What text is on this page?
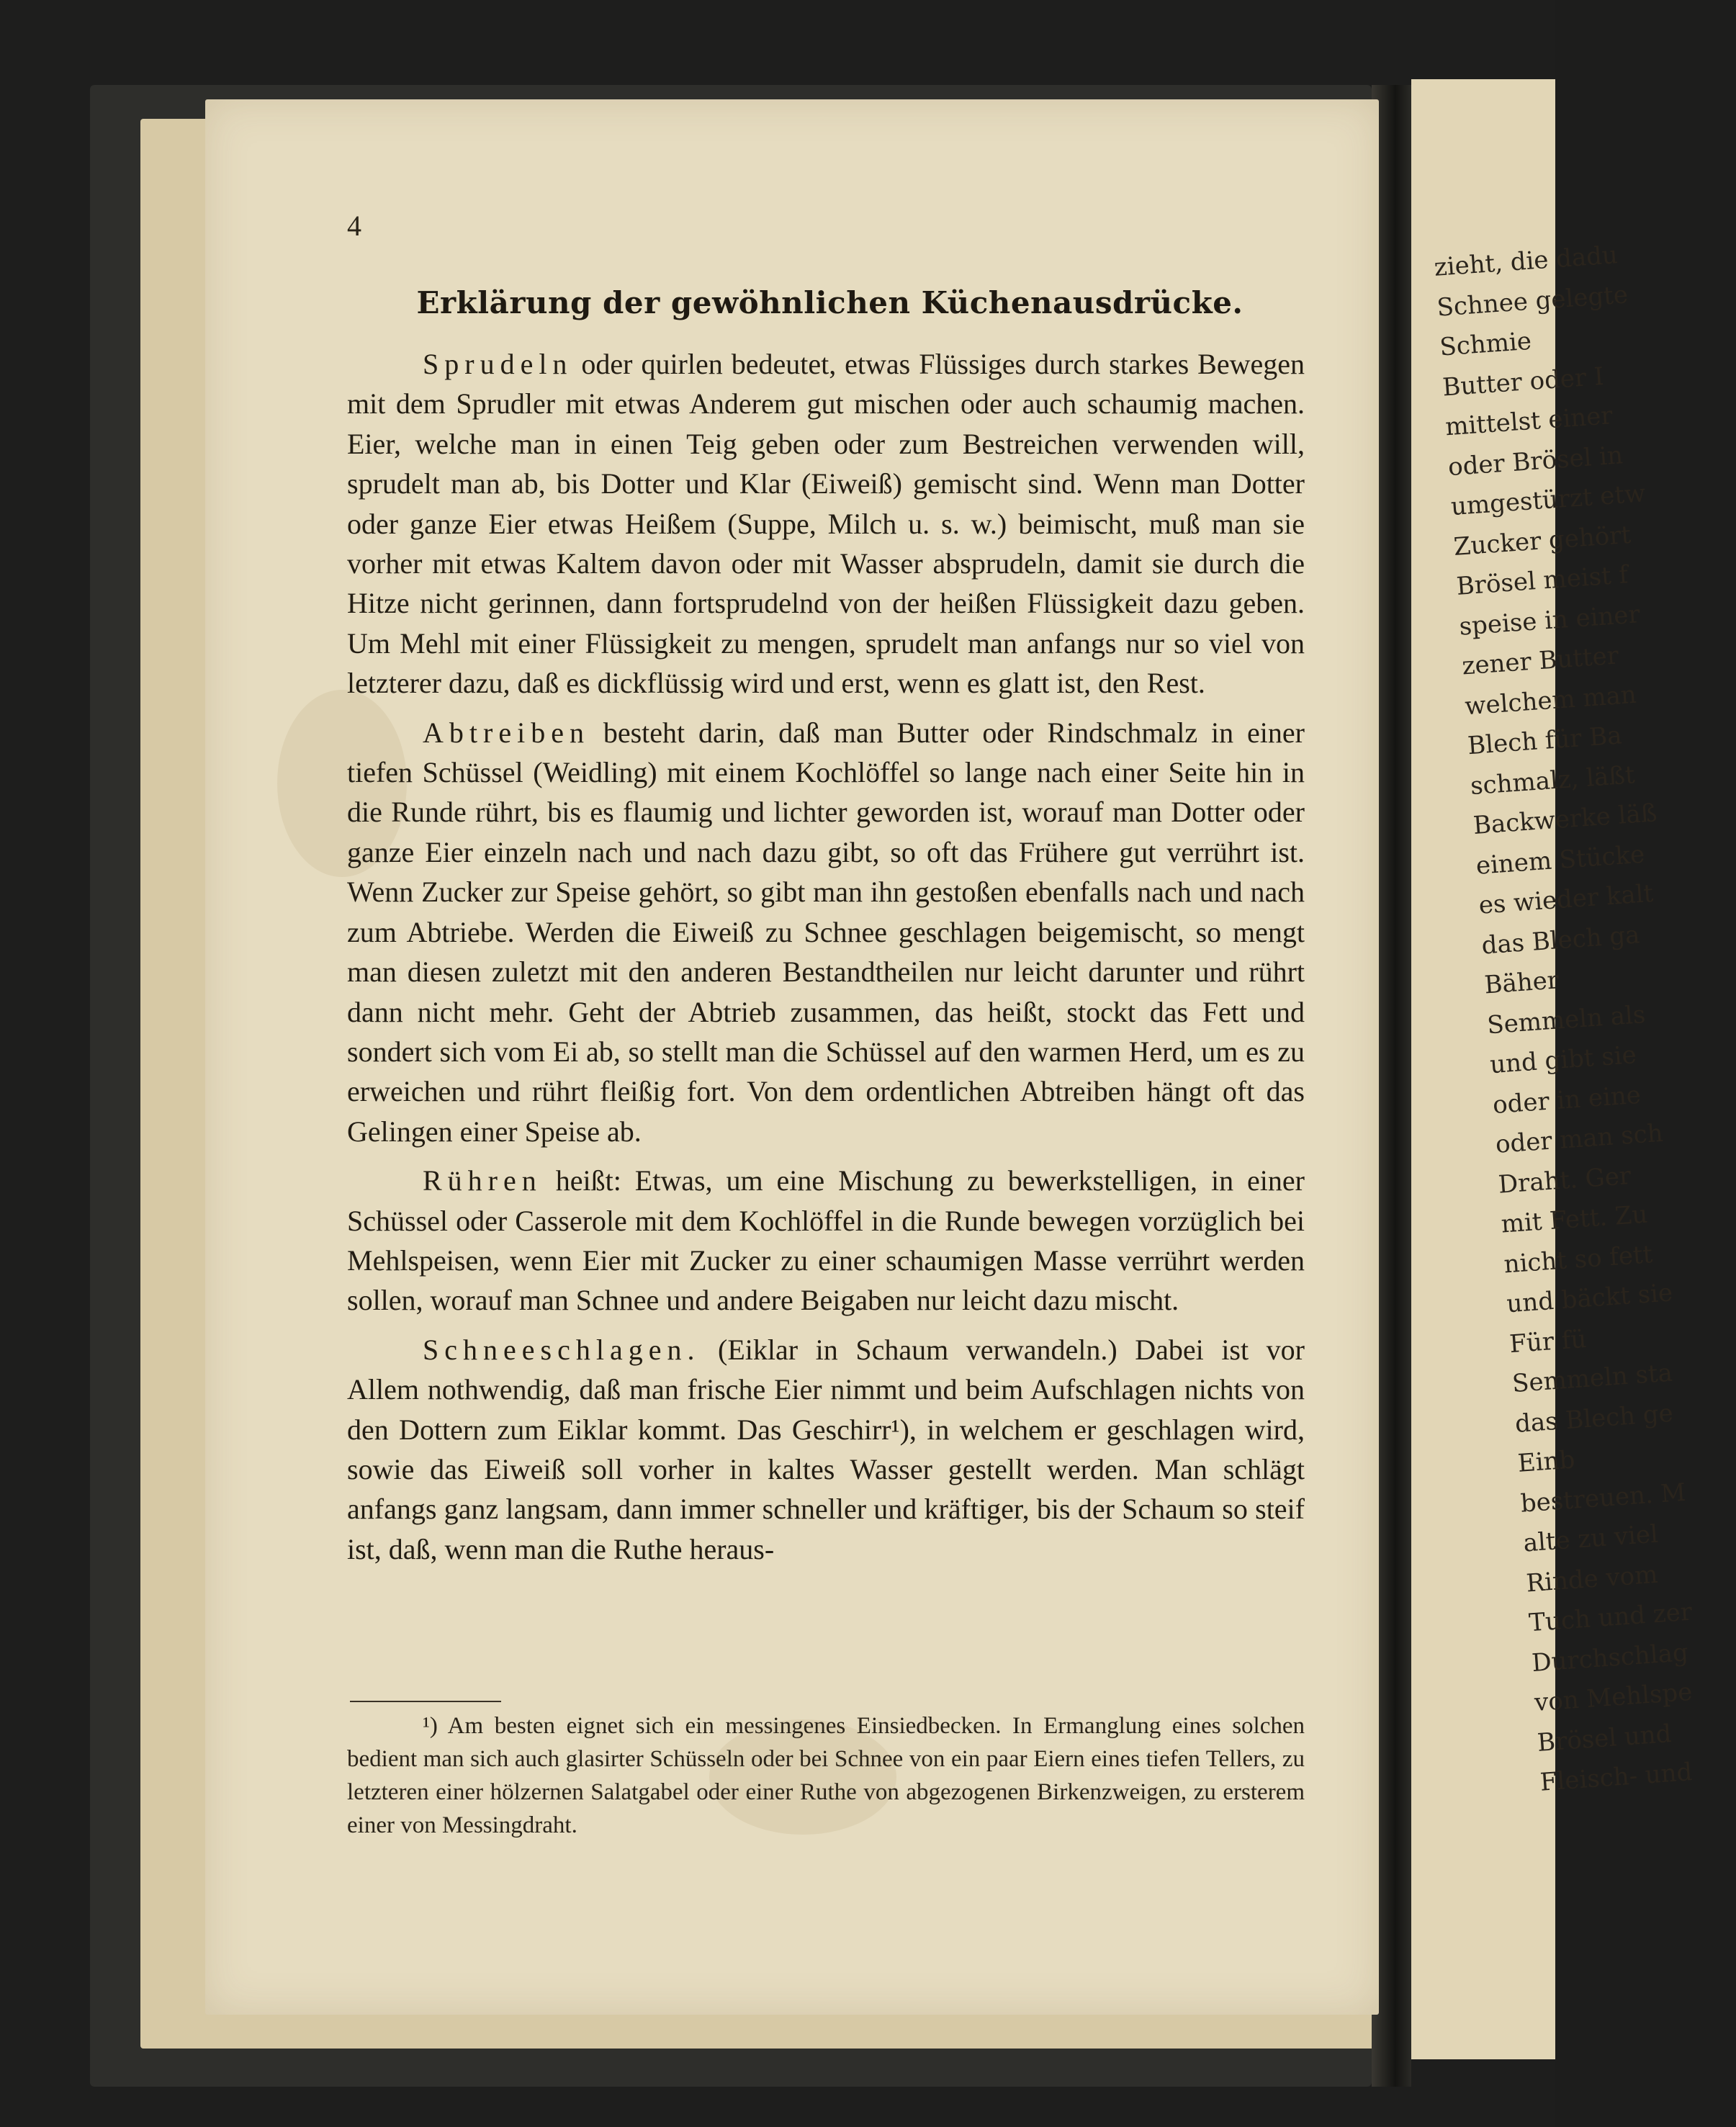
zieht, die dadu
Schnee gelegte
Schmie
Butter oder I
mittelst einer
oder Brösel in
umgestürzt etw
Zucker gehört
Brösel meist f
speise in einer
zener Butter
welchem man
Blech für Ba
schmalz, läßt
Backwerke läß
einem Stücke
es wieder kalt
das Blech ga
Bäher
Semmeln als
und gibt sie
oder in eine
oder man sch
Draht. Ger
mit Fett. Zu
nicht so fett
und bäckt sie
Für fü
Semmeln sta
das Blech ge
Einb
bestreuen. M
alte zu viel
Rinde vom
Tuch und zer
Durchschlag
von Mehlspe
Brösel und
Fleisch- und
4
Erklärung der gewöhnlichen Küchenausdrücke.

Sprudeln oder quirlen bedeutet, etwas Flüssiges durch starkes Bewegen mit dem Sprudler mit etwas Anderem gut mischen oder auch schaumig machen. Eier, welche man in einen Teig geben oder zum Bestreichen verwenden will, sprudelt man ab, bis Dotter und Klar (Eiweiß) gemischt sind. Wenn man Dotter oder ganze Eier etwas Heißem (Suppe, Milch u. s. w.) beimischt, muß man sie vorher mit etwas Kaltem davon oder mit Wasser absprudeln, damit sie durch die Hitze nicht gerinnen, dann fortsprudelnd von der heißen Flüssigkeit dazu geben. Um Mehl mit einer Flüssigkeit zu mengen, sprudelt man anfangs nur so viel von letzterer dazu, daß es dickflüssig wird und erst, wenn es glatt ist, den Rest.

Abtreiben besteht darin, daß man Butter oder Rindschmalz in einer tiefen Schüssel (Weidling) mit einem Kochlöffel so lange nach einer Seite hin in die Runde rührt, bis es flaumig und lichter geworden ist, worauf man Dotter oder ganze Eier einzeln nach und nach dazu gibt, so oft das Frühere gut verrührt ist. Wenn Zucker zur Speise gehört, so gibt man ihn gestoßen ebenfalls nach und nach zum Abtriebe. Werden die Eiweiß zu Schnee geschlagen beigemischt, so mengt man diesen zuletzt mit den anderen Bestandtheilen nur leicht darunter und rührt dann nicht mehr. Geht der Abtrieb zusammen, das heißt, stockt das Fett und sondert sich vom Ei ab, so stellt man die Schüssel auf den warmen Herd, um es zu erweichen und rührt fleißig fort. Von dem ordentlichen Abtreiben hängt oft das Gelingen einer Speise ab.

Rühren heißt: Etwas, um eine Mischung zu bewerkstelligen, in einer Schüssel oder Casserole mit dem Kochlöffel in die Runde bewegen vorzüglich bei Mehlspeisen, wenn Eier mit Zucker zu einer schaumigen Masse verrührt werden sollen, worauf man Schnee und andere Beigaben nur leicht dazu mischt.

Schneeschlagen. (Eiklar in Schaum verwandeln.) Dabei ist vor Allem nothwendig, daß man frische Eier nimmt und beim Aufschlagen nichts von den Dottern zum Eiklar kommt. Das Geschirr¹), in welchem er geschlagen wird, sowie das Eiweiß soll vorher in kaltes Wasser gestellt werden. Man schlägt anfangs ganz langsam, dann immer schneller und kräftiger, bis der Schaum so steif ist, daß, wenn man die Ruthe heraus-

¹) Am besten eignet sich ein messingenes Einsiedbecken. In Ermanglung eines solchen bedient man sich auch glasirter Schüsseln oder bei Schnee von ein paar Eiern eines tiefen Tellers, zu letzteren einer hölzernen Salatgabel oder einer Ruthe von abgezogenen Birkenzweigen, zu ersterem einer von Messingdraht.
